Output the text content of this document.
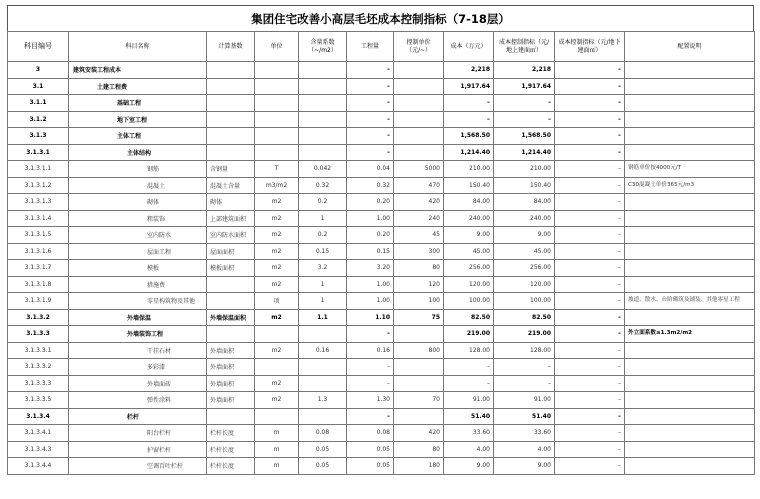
集团住宅改善小高层毛坯成本控制指标（7-18层）
科目编号	科目名称	计算基数	单位	含量系数（~/m2）	工程量	控制单价（元/~）	成本（万元）	成本控制指标（元/地上建面㎡）	成本控制指标（元/地下建面㎡）	配置说明
3	建筑安装工程成本				–		2,218	2,218	–	
3.1	土建工程费				–		1,917.64	1,917.64	–	
3.1.1	基础工程				–		–	–	–	
3.1.2	地下室工程				–		–	–	–	
3.1.3	主体工程				–		1,568.50	1,568.50	–	
3.1.3.1	主体结构				–		1,214.40	1,214.40	–	
3.1.3.1.1	钢筋	含钢量	T	0.042	0.04	5000	210.00	210.00	–	钢筋单价按4000元/T
3.1.3.1.2	混凝土	混凝土含量	m3/m2	0.32	0.32	470	150.40	150.40	–	C30混凝土单价365元/m3
3.1.3.1.3	砌体	砌体	m2	0.2	0.20	420	84.00	84.00	–	
3.1.3.1.4	粗装饰	上部建筑面积	m2	1	1.00	240	240.00	240.00	–	
3.1.3.1.5	室内防水	室内防水面积	m2	0.2	0.20	45	9.00	9.00	–	
3.1.3.1.6	屋面工程	屋面面积	m2	0.15	0.15	300	45.00	45.00	–	
3.1.3.1.7	模板	模板面积	m2	3.2	3.20	80	256.00	256.00	–	
3.1.3.1.8	措施费		m2	1	1.00	120	120.00	120.00	–	
3.1.3.1.9	零星构筑物及其他		项	1	1.00	100	100.00	100.00	–	坡道、散水、台阶砌筑及铺装、其他零星工程
3.1.3.2	外墙保温	外墙保温面积	m2	1.1	1.10	75	82.50	82.50	–	
3.1.3.3	外墙装饰工程				–		219.00	219.00	–	外立面系数≤1.3m2/m2
3.1.3.3.1	干挂石材	外墙面积	m2	0.16	0.16	800	128.00	128.00	–	
3.1.3.3.2	多彩漆	外墙面积			–		–	–	–	
3.1.3.3.3	外墙面砖	外墙面积	m2		–		–	–	–	
3.1.3.3.5	弹性涂料	外墙面积	m2	1.3	1.30	70	91.00	91.00	–	
3.1.3.4	栏杆				–		51.40	51.40	–	
3.1.3.4.1	阳台栏杆	栏杆长度	m	0.08	0.08	420	33.60	33.60	–	
3.1.3.4.3	护窗栏杆	栏杆长度	m	0.05	0.05	80	4.00	4.00	–	
3.1.3.4.4	空调百叶栏杆	栏杆长度	m	0.05	0.05	180	9.00	9.00	–	
